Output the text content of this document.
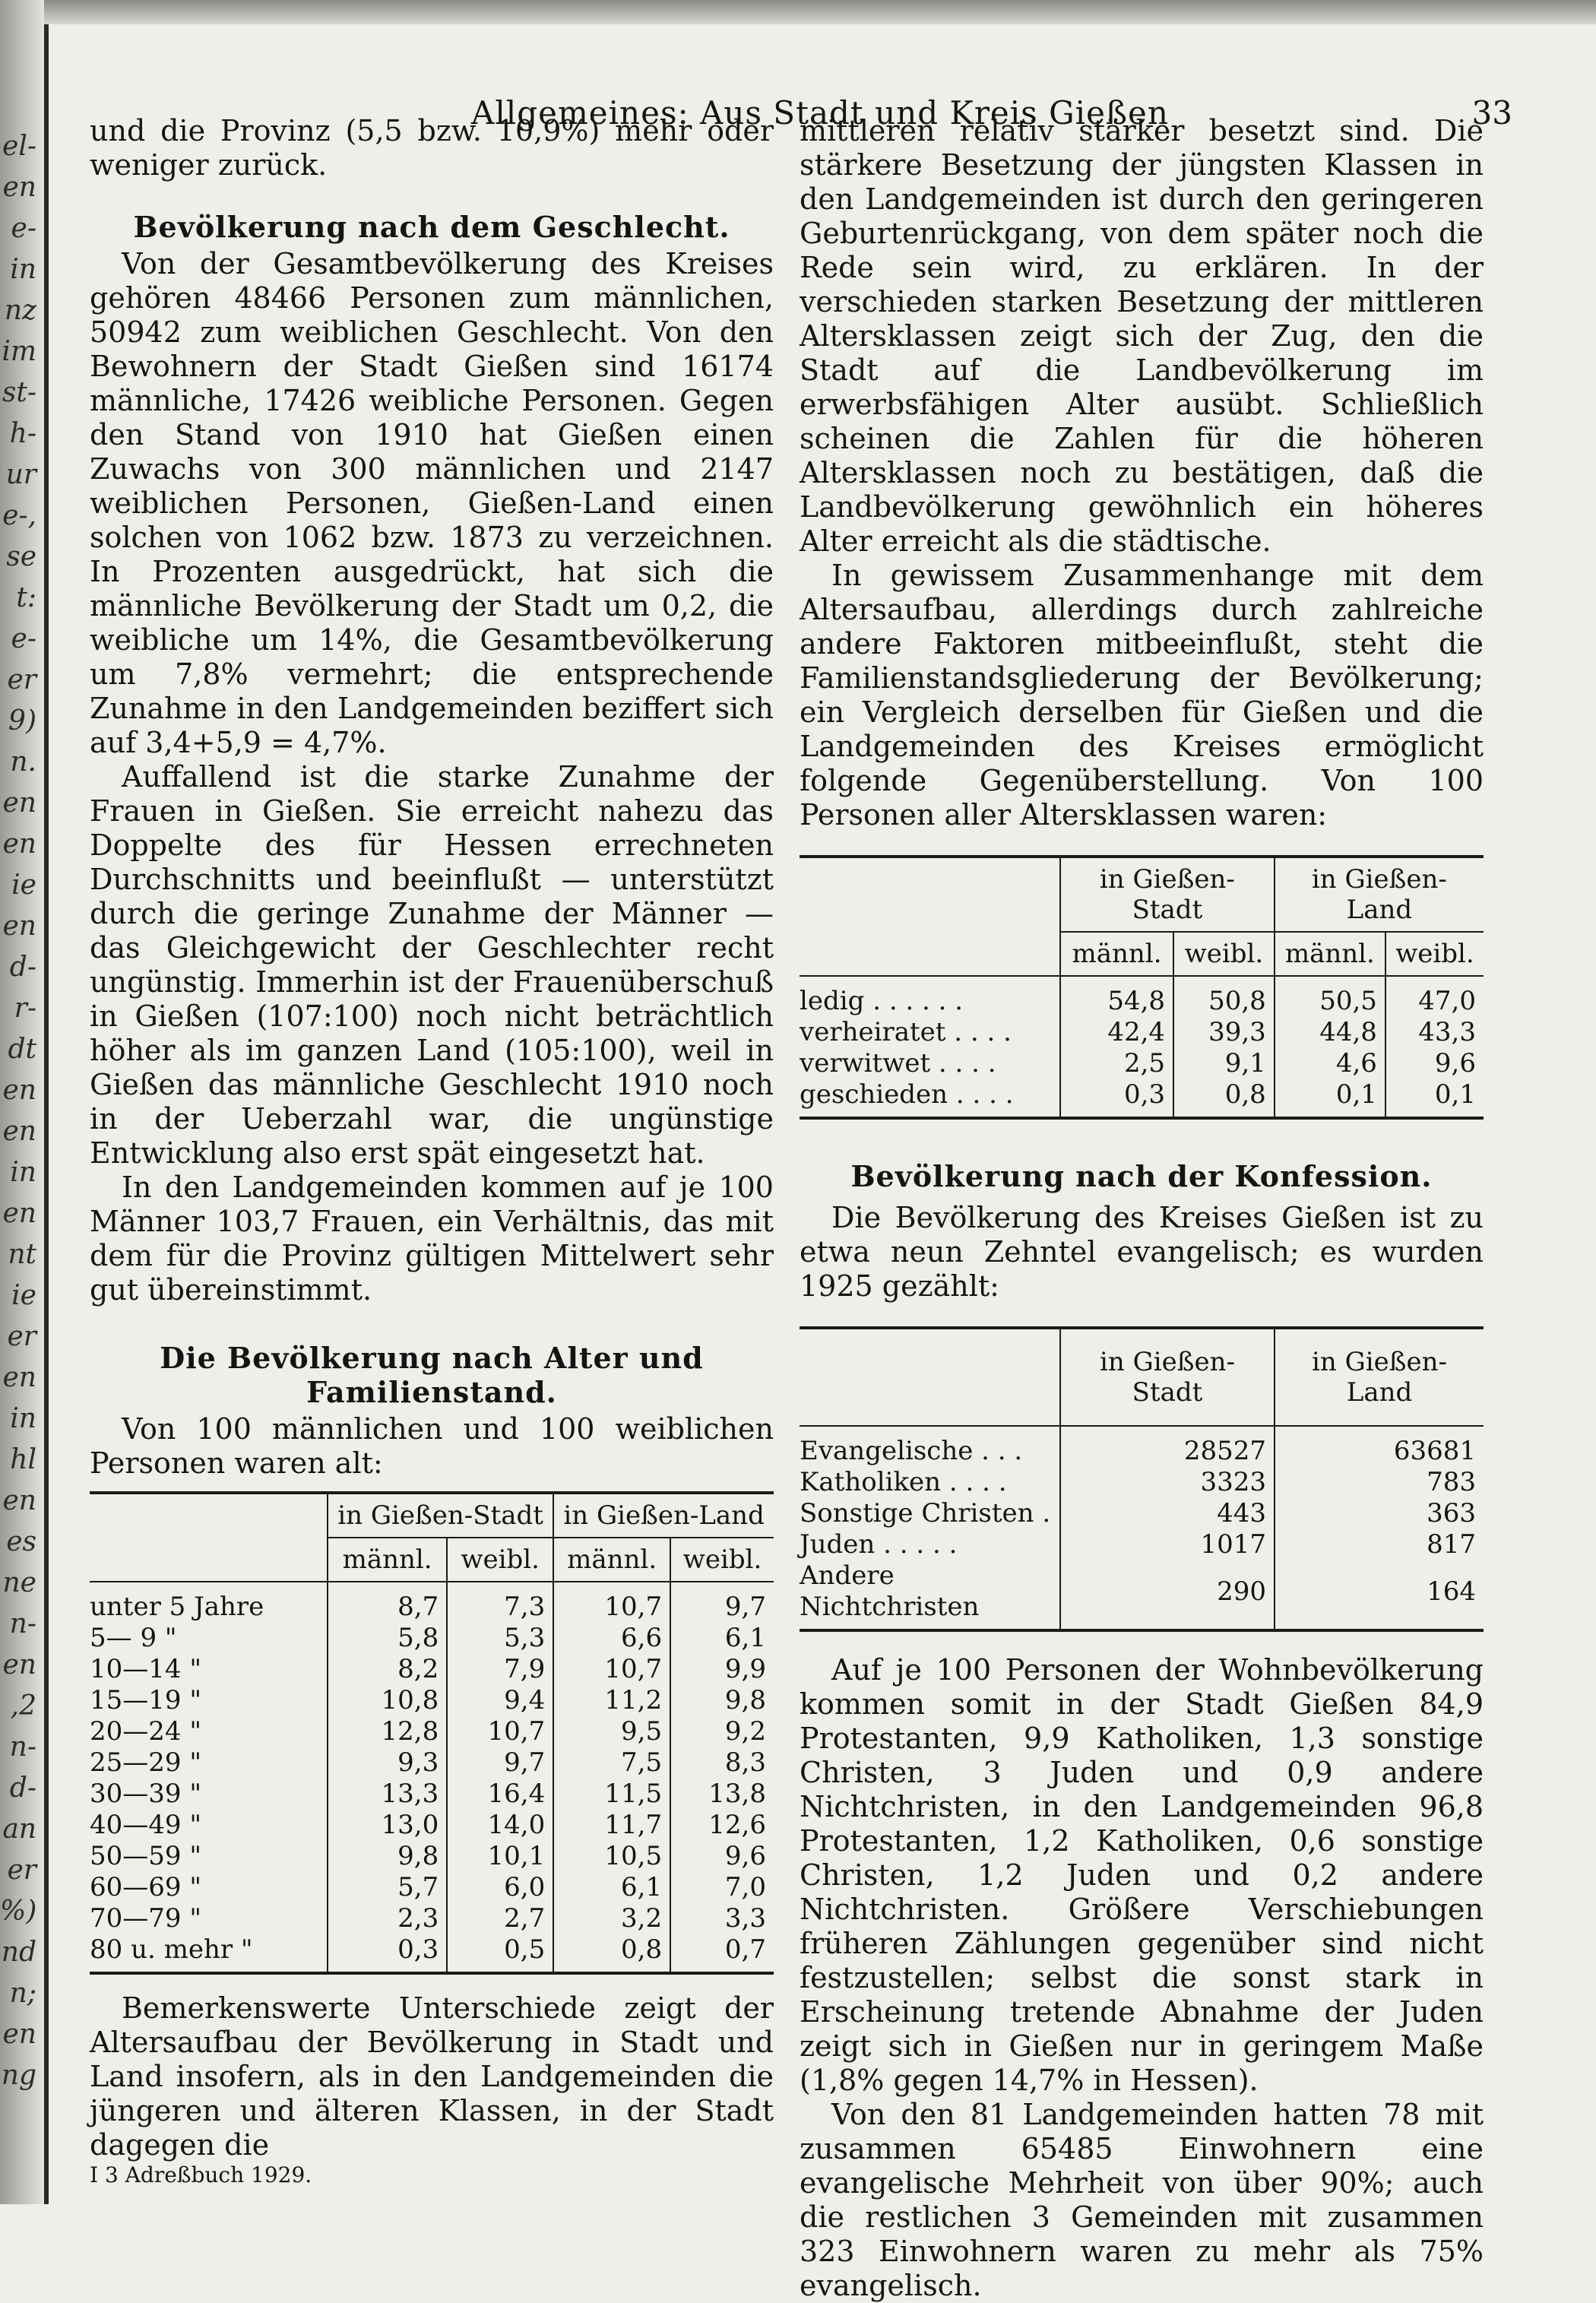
el-

en

e-

in

nz

im

st-

h-

ur

e-,

se

t:

e-

er

9)

n.

en

en

ie

en

d-

r-

dt

en

en

in

en

nt

ie

er

en

in

hl

en

es

ne

n-

en

,2

n-

d-

an

er

%)

nd

n;

en

ng

Allgemeines: Aus Stadt und Kreis Gießen	33

und die Provinz (5,5 bzw. 10,9%) mehr oder weniger zurück.

Bevölkerung nach dem Geschlecht.

Von der Gesamtbevölkerung des Kreises gehören 48466 Personen zum männlichen, 50942 zum weiblichen Geschlecht. Von den Bewohnern der Stadt Gießen sind 16174 männliche, 17426 weibliche Personen. Gegen den Stand von 1910 hat Gießen einen Zuwachs von 300 männlichen und 2147 weiblichen Personen, Gießen-Land einen solchen von 1062 bzw. 1873 zu verzeichnen. In Prozenten ausgedrückt, hat sich die männliche Bevölkerung der Stadt um 0,2, die weibliche um 14%, die Gesamtbevölkerung um 7,8% vermehrt; die entsprechende Zunahme in den Landgemeinden beziffert sich auf 3,4+5,9 = 4,7%.

Auffallend ist die starke Zunahme der Frauen in Gießen. Sie erreicht nahezu das Doppelte des für Hessen errechneten Durchschnitts und beeinflußt — unterstützt durch die geringe Zunahme der Männer — das Gleichgewicht der Geschlechter recht ungünstig. Immerhin ist der Frauenüberschuß in Gießen (107:100) noch nicht beträchtlich höher als im ganzen Land (105:100), weil in Gießen das männliche Geschlecht 1910 noch in der Ueberzahl war, die ungünstige Entwicklung also erst spät eingesetzt hat.

In den Landgemeinden kommen auf je 100 Männer 103,7 Frauen, ein Verhältnis, das mit dem für die Provinz gültigen Mittelwert sehr gut übereinstimmt.

Die Bevölkerung nach Alter und Familienstand.

Von 100 männlichen und 100 weiblichen Personen waren alt:

	in Gießen-Stadt		in Gießen-Land	
	männl.	weibl.	männl.	weibl.
unter 5 Jahre	8,7	7,3	10,7	9,7
5— 9 "	5,8	5,3	6,6	6,1
10—14 "	8,2	7,9	10,7	9,9
15—19 "	10,8	9,4	11,2	9,8
20—24 "	12,8	10,7	9,5	9,2
25—29 "	9,3	9,7	7,5	8,3
30—39 "	13,3	16,4	11,5	13,8
40—49 "	13,0	14,0	11,7	12,6
50—59 "	9,8	10,1	10,5	9,6
60—69 "	5,7	6,0	6,1	7,0
70—79 "	2,3	2,7	3,2	3,3
80 u. mehr "	0,3	0,5	0,8	0,7

Bemerkenswerte Unterschiede zeigt der Altersaufbau der Bevölkerung in Stadt und Land insofern, als in den Landgemeinden die jüngeren und älteren Klassen, in der Stadt dagegen die

I 3 Adreßbuch 1929.

mittleren relativ stärker besetzt sind. Die stärkere Besetzung der jüngsten Klassen in den Landgemeinden ist durch den geringeren Geburtenrückgang, von dem später noch die Rede sein wird, zu erklären. In der verschieden starken Besetzung der mittleren Altersklassen zeigt sich der Zug, den die Stadt auf die Landbevölkerung im erwerbsfähigen Alter ausübt. Schließlich scheinen die Zahlen für die höheren Altersklassen noch zu bestätigen, daß die Landbevölkerung gewöhnlich ein höheres Alter erreicht als die städtische.

In gewissem Zusammenhange mit dem Altersaufbau, allerdings durch zahlreiche andere Faktoren mitbeeinflußt, steht die Familienstandsgliederung der Bevölkerung; ein Vergleich derselben für Gießen und die Landgemeinden des Kreises ermöglicht folgende Gegenüberstellung. Von 100 Personen aller Altersklassen waren:

	in Gießen-Stadt		in Gießen-Land	
	männl.	weibl.	männl.	weibl.
ledig . . . . . .	54,8	50,8	50,5	47,0
verheiratet . . . .	42,4	39,3	44,8	43,3
verwitwet . . . .	2,5	9,1	4,6	9,6
geschieden . . . .	0,3	0,8	0,1	0,1
Bevölkerung nach der Konfession.

Die Bevölkerung des Kreises Gießen ist zu etwa neun Zehntel evangelisch; es wurden 1925 gezählt:

	in Gießen-Stadt	in Gießen-Land
Evangelische . . .	28527	63681
Katholiken . . . .	3323	783
Sonstige Christen .	443	363
Juden . . . . .	1017	817
Andere Nichtchristen	290	164

Auf je 100 Personen der Wohnbevölkerung kommen somit in der Stadt Gießen 84,9 Protestanten, 9,9 Katholiken, 1,3 sonstige Christen, 3 Juden und 0,9 andere Nichtchristen, in den Landgemeinden 96,8 Protestanten, 1,2 Katholiken, 0,6 sonstige Christen, 1,2 Juden und 0,2 andere Nichtchristen. Größere Verschiebungen früheren Zählungen gegenüber sind nicht festzustellen; selbst die sonst stark in Erscheinung tretende Abnahme der Juden zeigt sich in Gießen nur in geringem Maße (1,8% gegen 14,7% in Hessen).

Von den 81 Landgemeinden hatten 78 mit zusammen 65485 Einwohnern eine evangelische Mehrheit von über 90%; auch die restlichen 3 Gemeinden mit zusammen 323 Einwohnern waren zu mehr als 75% evangelisch.
